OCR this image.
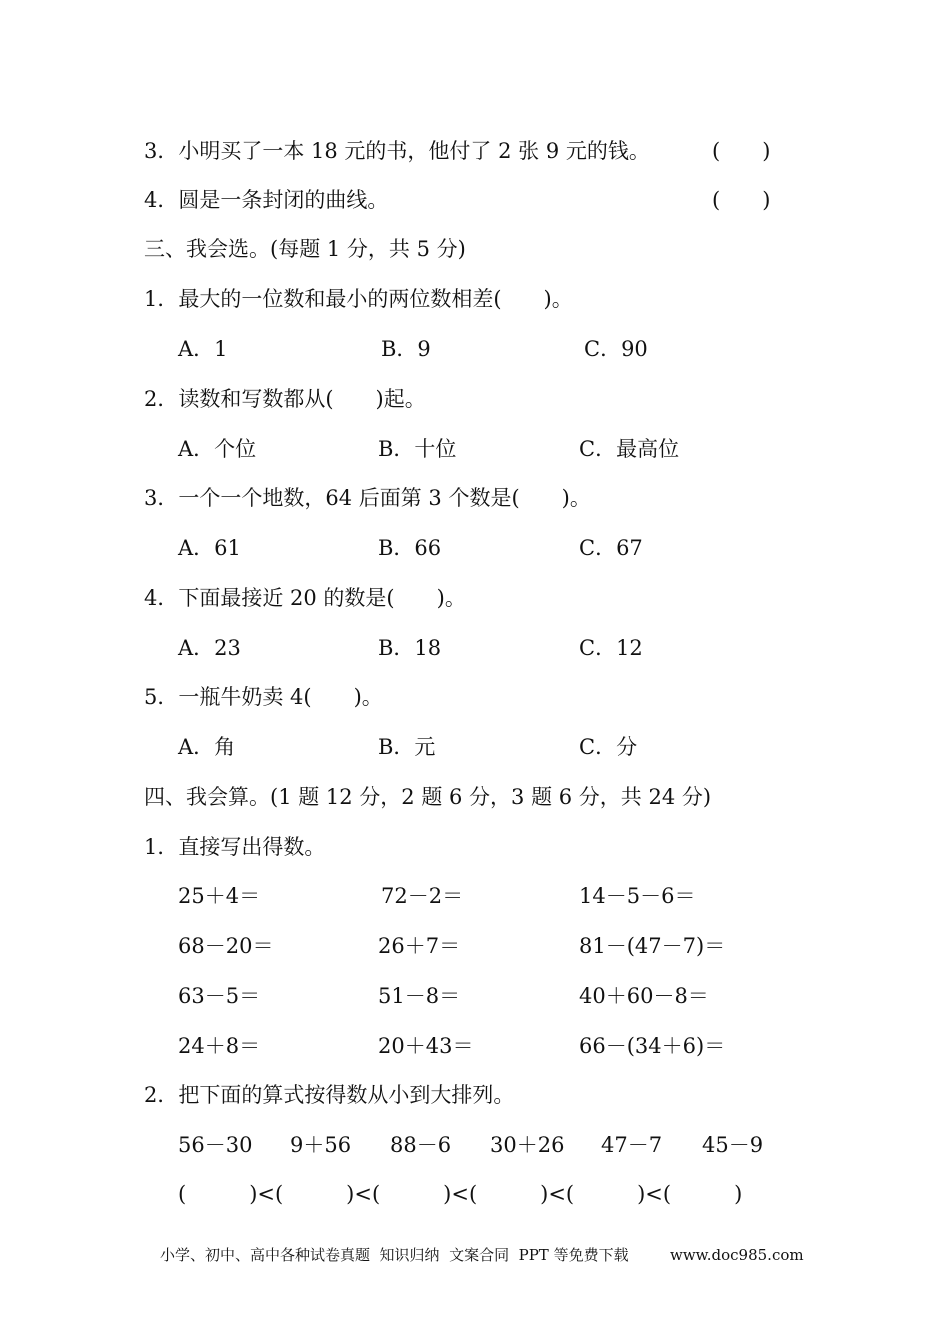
3．小明买了一本 18 元的书，他付了 2 张 9 元的钱。	(　　)
4．圆是一条封闭的曲线。	(　　)
三、我会选。(每题 1 分，共 5 分)
1．最大的一位数和最小的两位数相差(　　)。
A．1	B．9	C．90
2．读数和写数都从(　　)起。
A．个位	B．十位	C．最高位
3．一个一个地数，64 后面第 3 个数是(　　)。
A．61	B．66	C．67
4．下面最接近 20 的数是(　　)。
A．23	B．18	C．12
5．一瓶牛奶卖 4(　　)。
A．角	B．元	C．分
四、我会算。(1 题 12 分，2 题 6 分，3 题 6 分，共 24 分)
1．直接写出得数。
25＋4＝	72－2＝	14－5－6＝
68－20＝	26＋7＝	81－(47－7)＝
63－5＝	51－8＝	40＋60－8＝
24＋8＝	20＋43＝	66－(34＋6)＝
2．把下面的算式按得数从小到大排列。
56－30 9＋56 88－6 30＋26 47－7 45－9
(　　　)<(　　　)<(　　　)<(　　　)<(　　　)<(　　　)
小学、初中、高中各种试卷真题  知识归纳  文案合同  PPT 等免费下载	www.doc985.com
